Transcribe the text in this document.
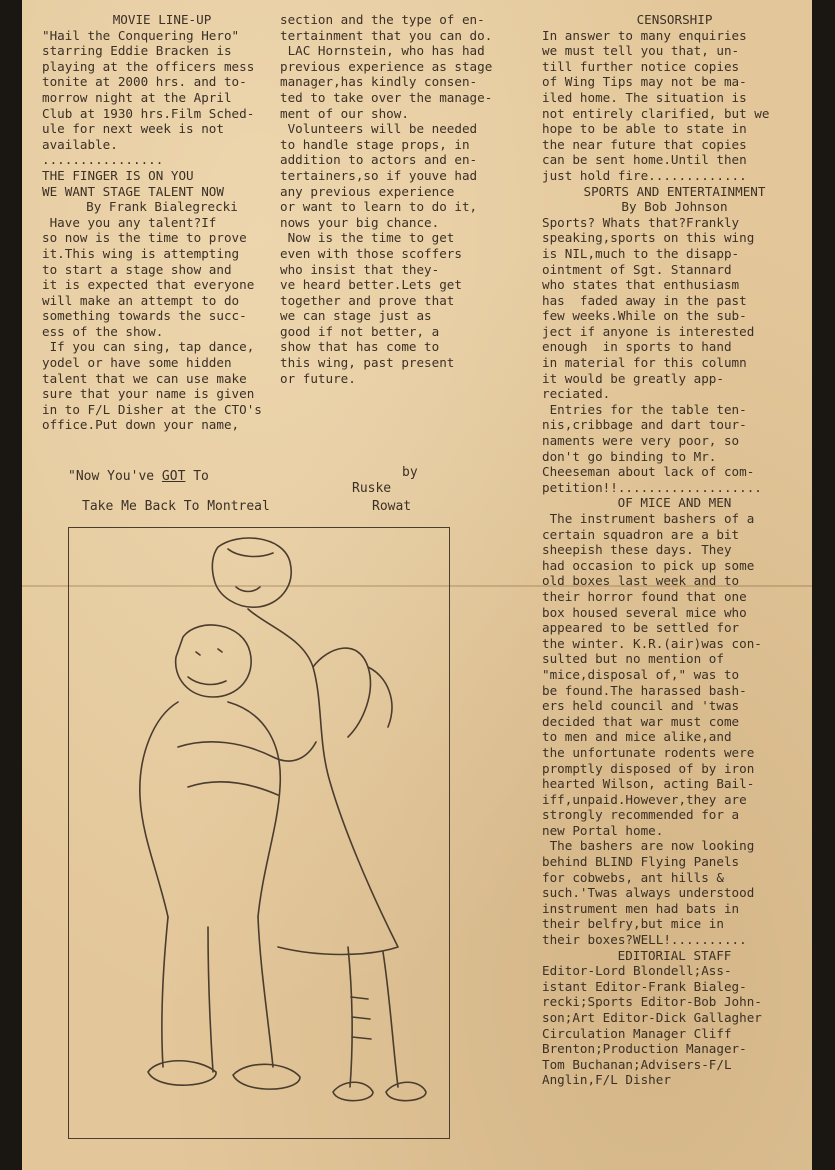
MOVIE LINE-UP

"Hail the Conquering Hero"

starring Eddie Bracken is

playing at the officers mess

tonite at 2000 hrs. and to-

morrow night at the April

Club at 1930 hrs.Film Sched-

ule for next week is not

available.

................

THE FINGER IS ON YOU

WE WANT STAGE TALENT NOW

By Frank Bialegrecki

Have you any talent?If

so now is the time to prove

it.This wing is attempting

to start a stage show and

it is expected that everyone

will make an attempt to do

something towards the succ-

ess of the show.

If you can sing, tap dance,

yodel or have some hidden

talent that we can use make

sure that your name is given

in to F/L Disher at the CTO's

office.Put down your name,

section and the type of en-

tertainment that you can do.

LAC Hornstein, who has had

previous experience as stage

manager,has kindly consen-

ted to take over the manage-

ment of our show.

Volunteers will be needed

to handle stage props, in

addition to actors and en-

tertainers,so if youve had

any previous experience

or want to learn to do it,

nows your big chance.

Now is the time to get

even with those scoffers

who insist that they-

ve heard better.Lets get

together and prove that

we can stage just as

good if not better, a

show that has come to

this wing, past present

or future.

"Now You've GOT To
Take Me Back To Montreal
by
Ruske
Rowat

CENSORSHIP

In answer to many enquiries

we must tell you that, un-

till further notice copies

of Wing Tips may not be ma-

iled home. The situation is

not entirely clarified, but we

hope to be able to state in

the near future that copies

can be sent home.Until then

just hold fire.............

SPORTS AND ENTERTAINMENT

By Bob Johnson

Sports? Whats that?Frankly

speaking,sports on this wing

is NIL,much to the disapp-

ointment of Sgt. Stannard

who states that enthusiasm

has  faded away in the past

few weeks.While on the sub-

ject if anyone is interested

enough  in sports to hand

in material for this column

it would be greatly app-

reciated.

Entries for the table ten-

nis,cribbage and dart tour-

naments were very poor, so

don't go binding to Mr.

Cheeseman about lack of com-

petition!!...................

OF MICE AND MEN

The instrument bashers of a

certain squadron are a bit

sheepish these days. They

had occasion to pick up some

old boxes last week and to

their horror found that one

box housed several mice who

appeared to be settled for

the winter. K.R.(air)was con-

sulted but no mention of

"mice,disposal of," was to

be found.The harassed bash-

ers held council and 'twas

decided that war must come

to men and mice alike,and

the unfortunate rodents were

promptly disposed of by iron

hearted Wilson, acting Bail-

iff,unpaid.However,they are

strongly recommended for a

new Portal home.

The bashers are now looking

behind BLIND Flying Panels

for cobwebs, ant hills &

such.'Twas always understood

instrument men had bats in

their belfry,but mice in

their boxes?WELL!..........

EDITORIAL STAFF

Editor-Lord Blondell;Ass-

istant Editor-Frank Bialeg-

recki;Sports Editor-Bob John-

son;Art Editor-Dick Gallagher

Circulation Manager Cliff

Brenton;Production Manager-

Tom Buchanan;Advisers-F/L

Anglin,F/L Disher
